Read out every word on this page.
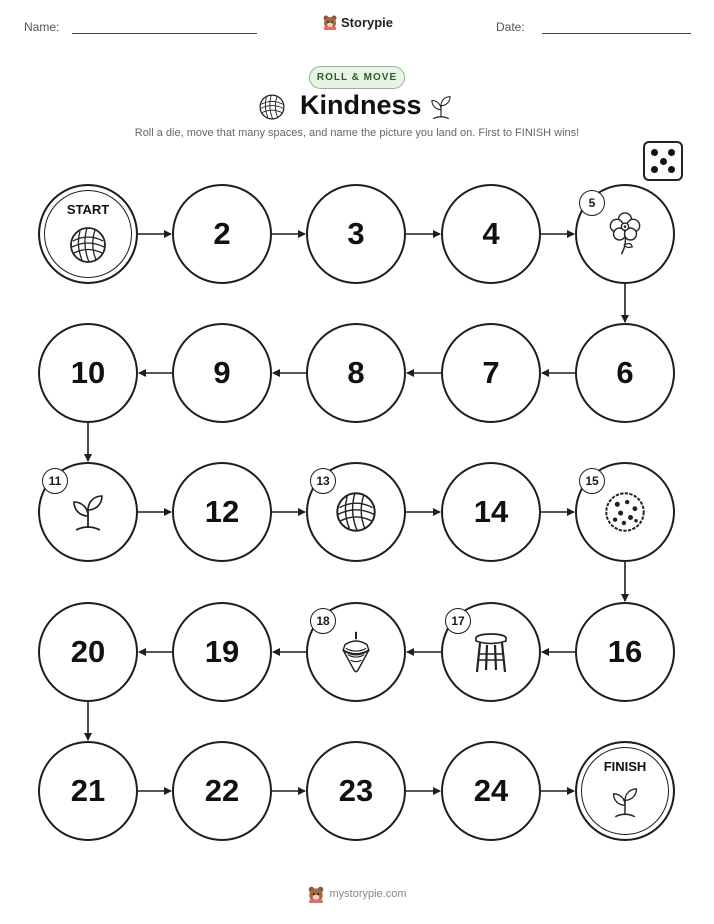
Name:	Storypie	Date:
ROLL & MOVE
Kindness
Roll a die, move that many spaces, and name the picture you land on. First to FINISH wins!
START
2	3	4
5
6
7
8
9
10
11
12
13
14
15
16
17
18
19
20
21	22	23	24
FINISH
mystorypie.com
